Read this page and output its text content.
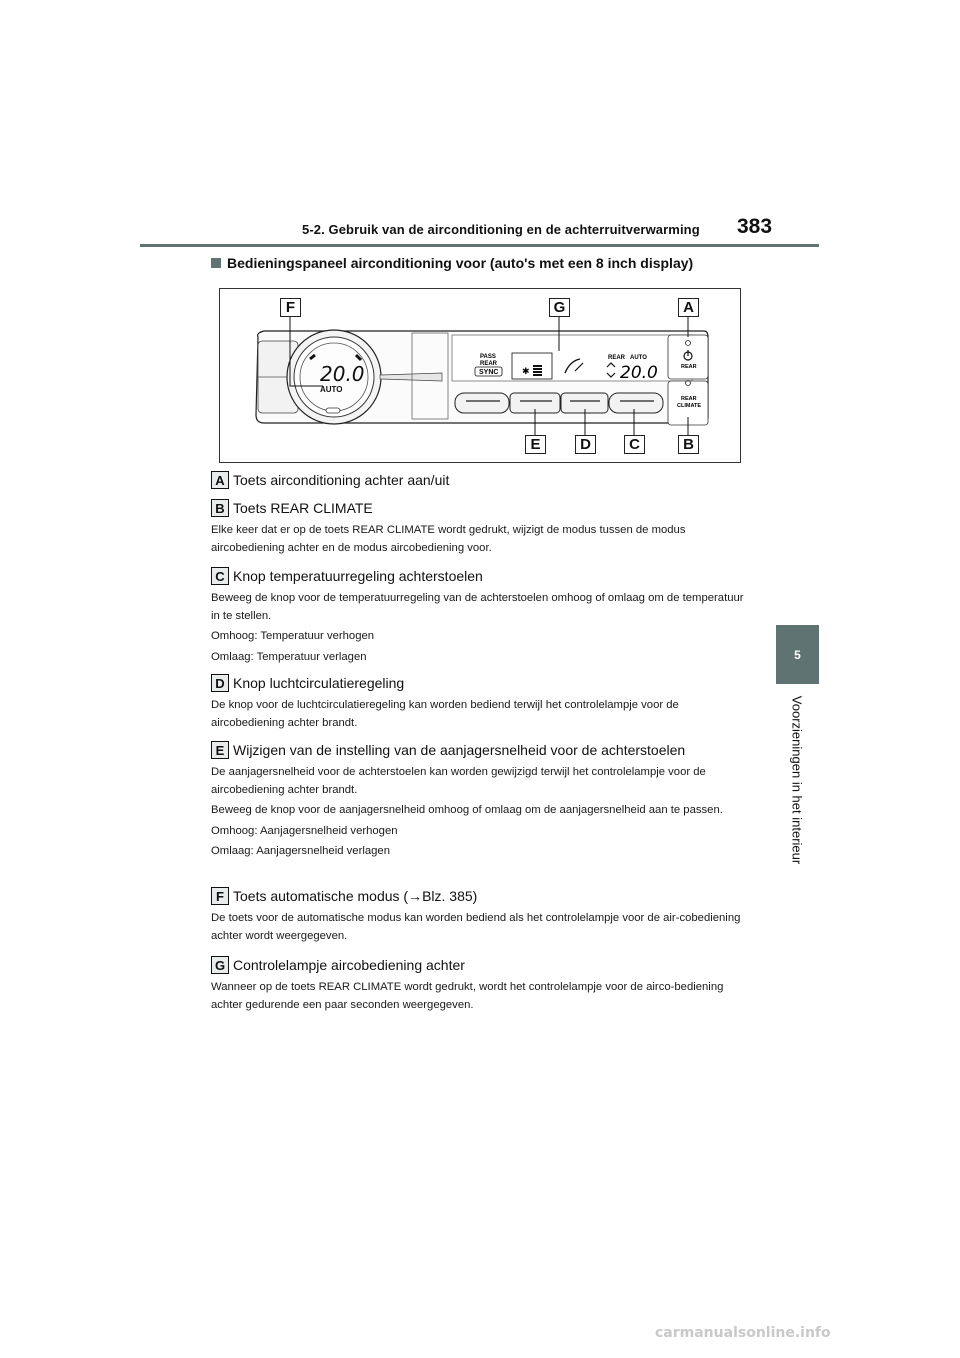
5-2. Gebruik van de airconditioning en de achterruitverwarming 383
5
Voorzieningen in het interieur
Bedieningspaneel airconditioning voor (auto's met een 8 inch display)
20.0
AUTO
PASS
REAR
SYNC	✱
REAR AUTO
20.0	REAR
REAR
CLIMATE
F	G	A
E	D	C	B
A Toets airconditioning achter aan/uit
B Toets REAR CLIMATE
Elke keer dat er op de toets REAR CLIMATE wordt gedrukt, wijzigt de modus tussen de modus aircobediening achter en de modus aircobediening voor.
C Knop temperatuurregeling achterstoelen
Beweeg de knop voor de temperatuurregeling van de achterstoelen omhoog of omlaag om de temperatuur in te stellen.
Omhoog: Temperatuur verhogen
Omlaag: Temperatuur verlagen
D Knop luchtcirculatieregeling
De knop voor de luchtcirculatieregeling kan worden bediend terwijl het controlelampje voor de aircobediening achter brandt.
E Wijzigen van de instelling van de aanjagersnelheid voor de achterstoelen
De aanjagersnelheid voor de achterstoelen kan worden gewijzigd terwijl het controlelampje voor de aircobediening achter brandt.
Beweeg de knop voor de aanjagersnelheid omhoog of omlaag om de aanjagersnelheid aan te passen.
Omhoog: Aanjagersnelheid verhogen
Omlaag: Aanjagersnelheid verlagen
F Toets automatische modus (→Blz. 385)
De toets voor de automatische modus kan worden bediend als het controlelampje voor de air-cobediening achter wordt weergegeven.
G Controlelampje aircobediening achter
Wanneer op de toets REAR CLIMATE wordt gedrukt, wordt het controlelampje voor de airco-bediening achter gedurende een paar seconden weergegeven.
carmanualsonline.info
